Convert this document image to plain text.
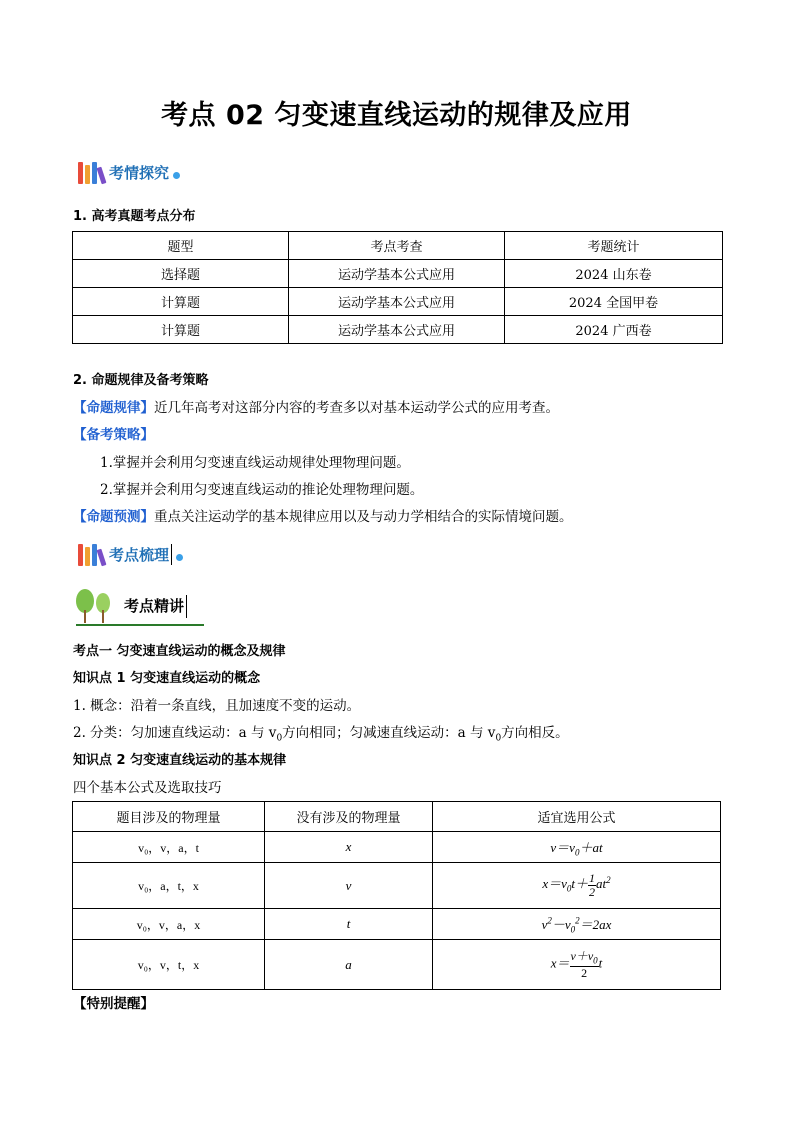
考点 02 匀变速直线运动的规律及应用
考情探究
1. 高考真题考点分布
题型	考点考查	考题统计
选择题	运动学基本公式应用	2024 山东卷
计算题	运动学基本公式应用	2024 全国甲卷
计算题	运动学基本公式应用	2024 广西卷
2. 命题规律及备考策略
【命题规律】近几年高考对这部分内容的考查多以对基本运动学公式的应用考查。
【备考策略】
1.掌握并会利用匀变速直线运动规律处理物理问题。
2.掌握并会利用匀变速直线运动的推论处理物理问题。
【命题预测】重点关注运动学的基本规律应用以及与动力学相结合的实际情境问题。
考点梳理
考点精讲
考点一 匀变速直线运动的概念及规律
知识点 1 匀变速直线运动的概念
1. 概念：沿着一条直线，且加速度不变的运动。
2. 分类：匀加速直线运动：a 与 $v_0$方向相同；匀减速直线运动：a 与 $v_0$方向相反。
知识点 2 匀变速直线运动的基本规律
四个基本公式及选取技巧
题目涉及的物理量	没有涉及的物理量	适宜选用公式
v₀，v，a，t	x	$v=v_0+at$
v₀，a，t，x	v	$x=v_0t+ \frac{1}{2} at^2$
v₀，v，a，x	t	$v^2-v_0^2=2ax$
v₀，v，t，x	a	$x= \frac{v+v_0}{2}$ t
【特别提醒】
